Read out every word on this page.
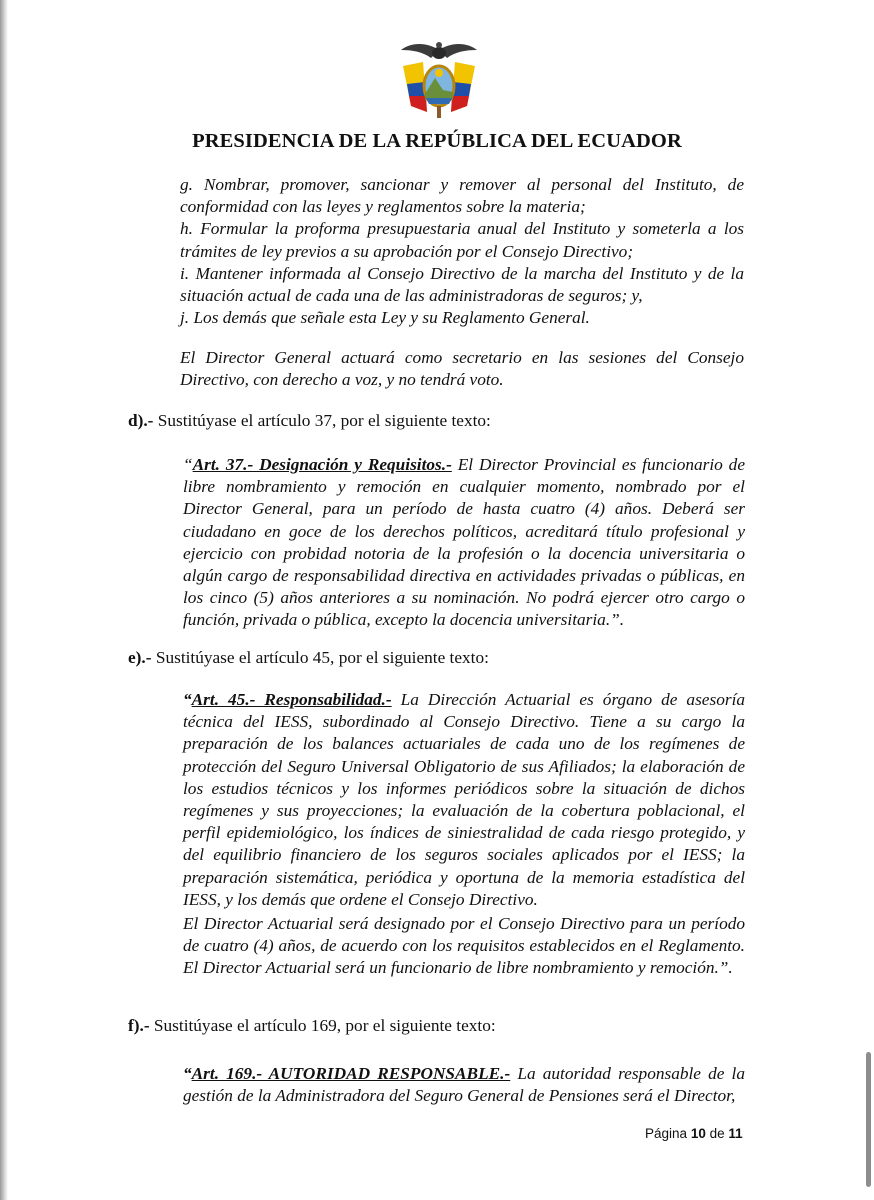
PRESIDENCIA DE LA REPÚBLICA DEL ECUADOR
g. Nombrar, promover, sancionar y remover al personal del Instituto, de conformidad con las leyes y reglamentos sobre la materia;
h. Formular la proforma presupuestaria anual del Instituto y someterla a los trámites de ley previos a su aprobación por el Consejo Directivo;
i. Mantener informada al Consejo Directivo de la marcha del Instituto y de la situación actual de cada una de las administradoras de seguros; y,
j. Los demás que señale esta Ley y su Reglamento General.
El Director General actuará como secretario en las sesiones del Consejo Directivo, con derecho a voz, y no tendrá voto.
d).- Sustitúyase el artículo 37, por el siguiente texto:
“Art. 37.- Designación y Requisitos.- El Director Provincial es funcionario de libre nombramiento y remoción en cualquier momento, nombrado por el Director General, para un período de hasta cuatro (4) años. Deberá ser ciudadano en goce de los derechos políticos, acreditará título profesional y ejercicio con probidad notoria de la profesión o la docencia universitaria o algún cargo de responsabilidad directiva en actividades privadas o públicas, en los cinco (5) años anteriores a su nominación. No podrá ejercer otro cargo o función, privada o pública, excepto la docencia universitaria.”.
e).- Sustitúyase el artículo 45, por el siguiente texto:
“Art. 45.- Responsabilidad.- La Dirección Actuarial es órgano de asesoría técnica del IESS, subordinado al Consejo Directivo. Tiene a su cargo la preparación de los balances actuariales de cada uno de los regímenes de protección del Seguro Universal Obligatorio de sus Afiliados; la elaboración de los estudios técnicos y los informes periódicos sobre la situación de dichos regímenes y sus proyecciones; la evaluación de la cobertura poblacional, el perfil epidemiológico, los índices de siniestralidad de cada riesgo protegido, y del equilibrio financiero de los seguros sociales aplicados por el IESS; la preparación sistemática, periódica y oportuna de la memoria estadística del IESS, y los demás que ordene el Consejo Directivo.
El Director Actuarial será designado por el Consejo Directivo para un período de cuatro (4) años, de acuerdo con los requisitos establecidos en el Reglamento. El Director Actuarial será un funcionario de libre nombramiento y remoción.”.
f).- Sustitúyase el artículo 169, por el siguiente texto:
“Art. 169.- AUTORIDAD RESPONSABLE.- La autoridad responsable de la gestión de la Administradora del Seguro General de Pensiones será el Director,
Página 10 de 11
